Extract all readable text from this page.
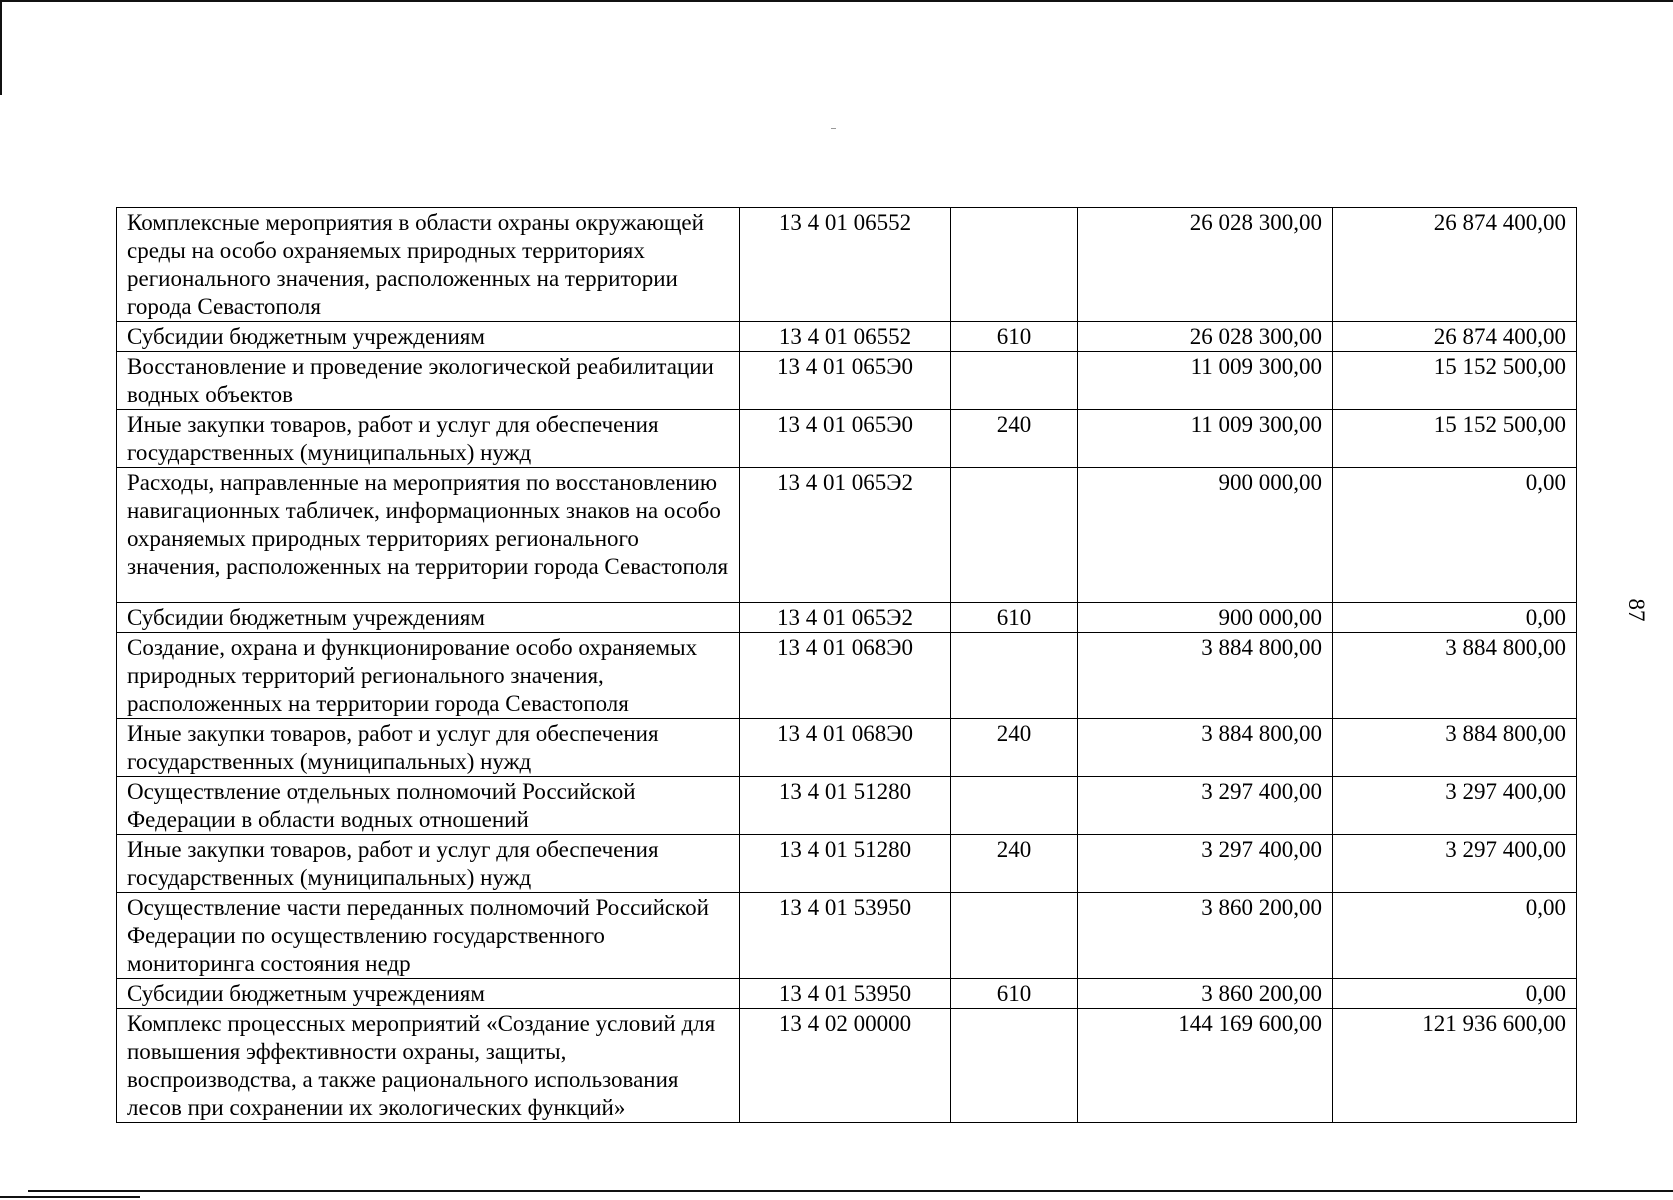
87
Комплексные мероприятия в области охраны окружающей среды на особо охраняемых природных территориях регионального значения, расположенных на территории города Севастополя	13 4 01 06552		26 028 300,00	26 874 400,00
Субсидии бюджетным учреждениям	13 4 01 06552	610	26 028 300,00	26 874 400,00
Восстановление и проведение экологической реабилитации водных объектов	13 4 01 065Э0		11 009 300,00	15 152 500,00
Иные закупки товаров, работ и услуг для обеспечения государственных (муниципальных) нужд	13 4 01 065Э0	240	11 009 300,00	15 152 500,00
Расходы, направленные на мероприятия по восстановлению навигационных табличек, информационных знаков на особо охраняемых природных территориях регионального значения, расположенных на территории города Севастополя	13 4 01 065Э2		900 000,00	0,00
Субсидии бюджетным учреждениям	13 4 01 065Э2	610	900 000,00	0,00
Создание, охрана и функционирование особо охраняемых природных территорий регионального значения, расположенных на территории города Севастополя	13 4 01 068Э0		3 884 800,00	3 884 800,00
Иные закупки товаров, работ и услуг для обеспечения государственных (муниципальных) нужд	13 4 01 068Э0	240	3 884 800,00	3 884 800,00
Осуществление отдельных полномочий Российской Федерации в области водных отношений	13 4 01 51280		3 297 400,00	3 297 400,00
Иные закупки товаров, работ и услуг для обеспечения государственных (муниципальных) нужд	13 4 01 51280	240	3 297 400,00	3 297 400,00
Осуществление части переданных полномочий Российской Федерации по осуществлению государственного мониторинга состояния недр	13 4 01 53950		3 860 200,00	0,00
Субсидии бюджетным учреждениям	13 4 01 53950	610	3 860 200,00	0,00
Комплекс процессных мероприятий «Создание условий для повышения эффективности охраны, защиты, воспроизводства, а также рационального использования лесов при сохранении их экологических функций»	13 4 02 00000		144 169 600,00	121 936 600,00
